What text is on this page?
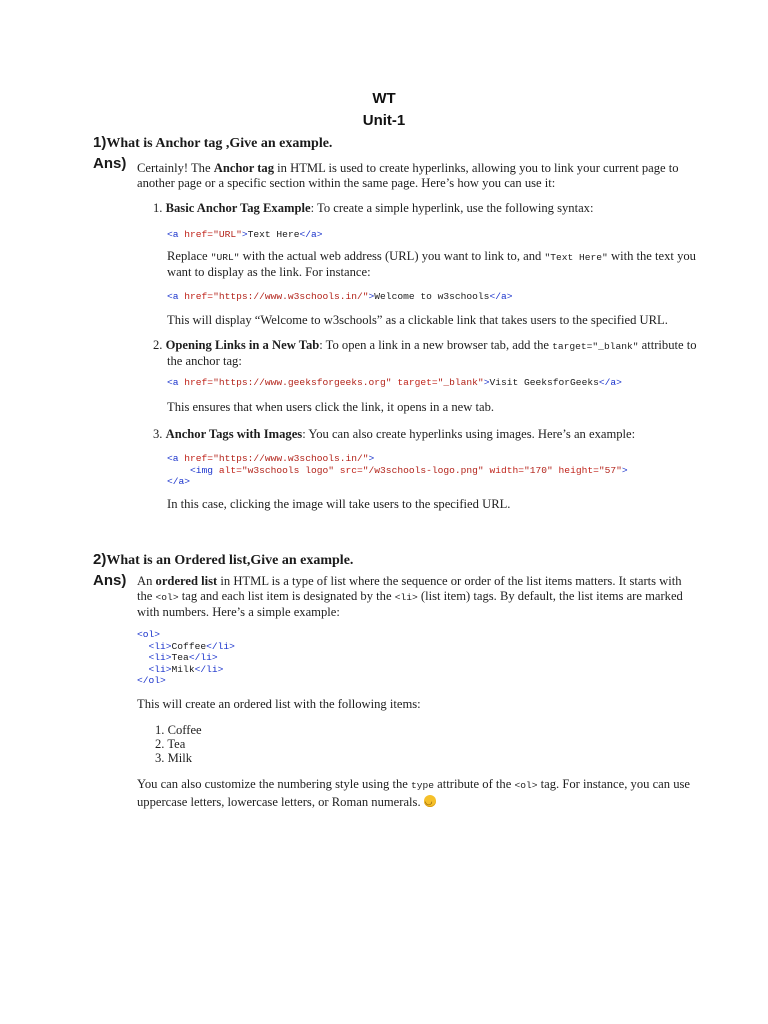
WT
Unit-1
1)What is Anchor tag ,Give an example.
Ans) Certainly! The Anchor tag in HTML is used to create hyperlinks, allowing you to link your current page to
another page or a specific section within the same page. Here’s how you can use it:
1. Basic Anchor Tag Example: To create a simple hyperlink, use the following syntax:
<a href="URL">Text Here</a>
Replace "URL" with the actual web address (URL) you want to link to, and "Text Here" with the text you
want to display as the link. For instance:
<a href="https://www.w3schools.in/">Welcome to w3schools</a>
This will display “Welcome to w3schools” as a clickable link that takes users to the specified URL.
2. Opening Links in a New Tab: To open a link in a new browser tab, add the target="_blank" attribute to
the anchor tag:
<a href="https://www.geeksforgeeks.org" target="_blank">Visit GeeksforGeeks</a>
This ensures that when users click the link, it opens in a new tab.
3. Anchor Tags with Images: You can also create hyperlinks using images. Here’s an example:
<a href="https://www.w3schools.in/">
<img alt="w3schools logo" src="/w3schools-logo.png" width="170" height="57">
</a>
In this case, clicking the image will take users to the specified URL.
2)What is an Ordered list,Give an example.
Ans) An ordered list in HTML is a type of list where the sequence or order of the list items matters. It starts with
the <ol> tag and each list item is designated by the <li> (list item) tags. By default, the list items are marked
with numbers. Here’s a simple example:
<ol>
<li>Coffee</li>
<li>Tea</li>
<li>Milk</li>
</ol>
This will create an ordered list with the following items:
1. Coffee
2. Tea
3. Milk
You can also customize the numbering style using the type attribute of the <ol> tag. For instance, you can use
uppercase letters, lowercase letters, or Roman numerals. ◡
